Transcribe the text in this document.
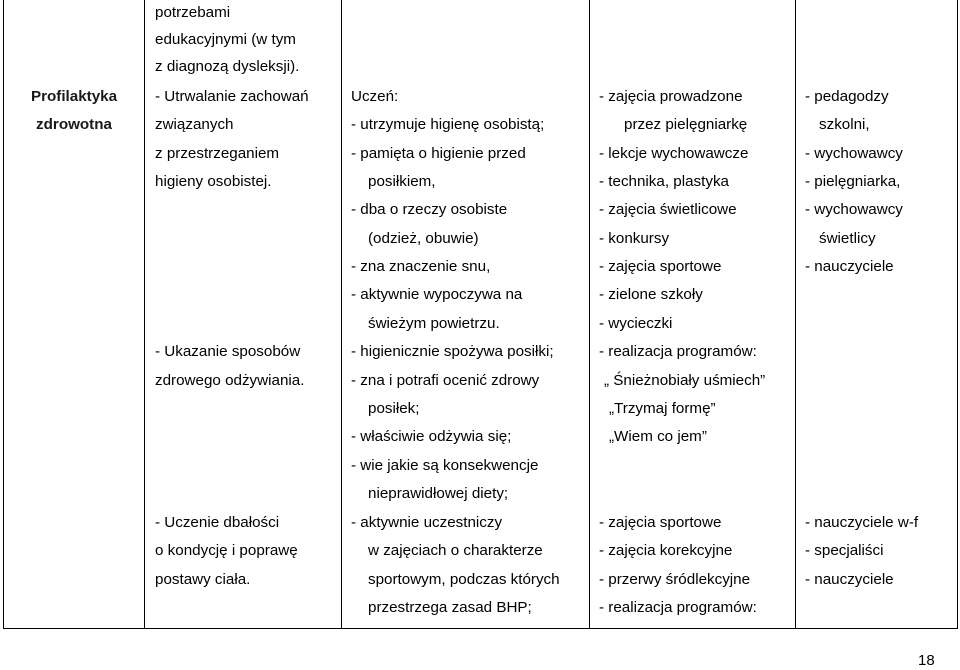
potrzebami
edukacyjnymi (w tym
z diagnozą dysleksji).
Profilaktyka
zdrowotna
- Utrwalanie zachowań
związanych
z przestrzeganiem
higieny osobistej.
Uczeń:
- utrzymuje higienę osobistą;
- pamięta o higienie przed
posiłkiem,
- dba o rzeczy osobiste
(odzież, obuwie)
- zna znaczenie snu,
- aktywnie wypoczywa na
świeżym powietrzu.
- zajęcia prowadzone
przez pielęgniarkę
- lekcje wychowawcze
- technika, plastyka
- zajęcia świetlicowe
- konkursy
- zajęcia sportowe
- zielone szkoły
- wycieczki
- pedagodzy
szkolni,
- wychowawcy
- pielęgniarka,
- wychowawcy
świetlicy
- nauczyciele
- Ukazanie sposobów
zdrowego odżywiania.
- higienicznie spożywa posiłki;
- zna i potrafi ocenić zdrowy
posiłek;
- właściwie odżywia się;
- wie jakie są konsekwencje
nieprawidłowej diety;
- realizacja programów:
„ Śnieżnobiały uśmiech”
„Trzymaj formę”
„Wiem co jem”
- Uczenie dbałości
o kondycję i poprawę
postawy ciała.
- aktywnie uczestniczy
w zajęciach o charakterze
sportowym, podczas których
przestrzega zasad BHP;
- zajęcia sportowe
- zajęcia korekcyjne
- przerwy śródlekcyjne
- realizacja programów:
- nauczyciele w-f
- specjaliści
- nauczyciele
18
